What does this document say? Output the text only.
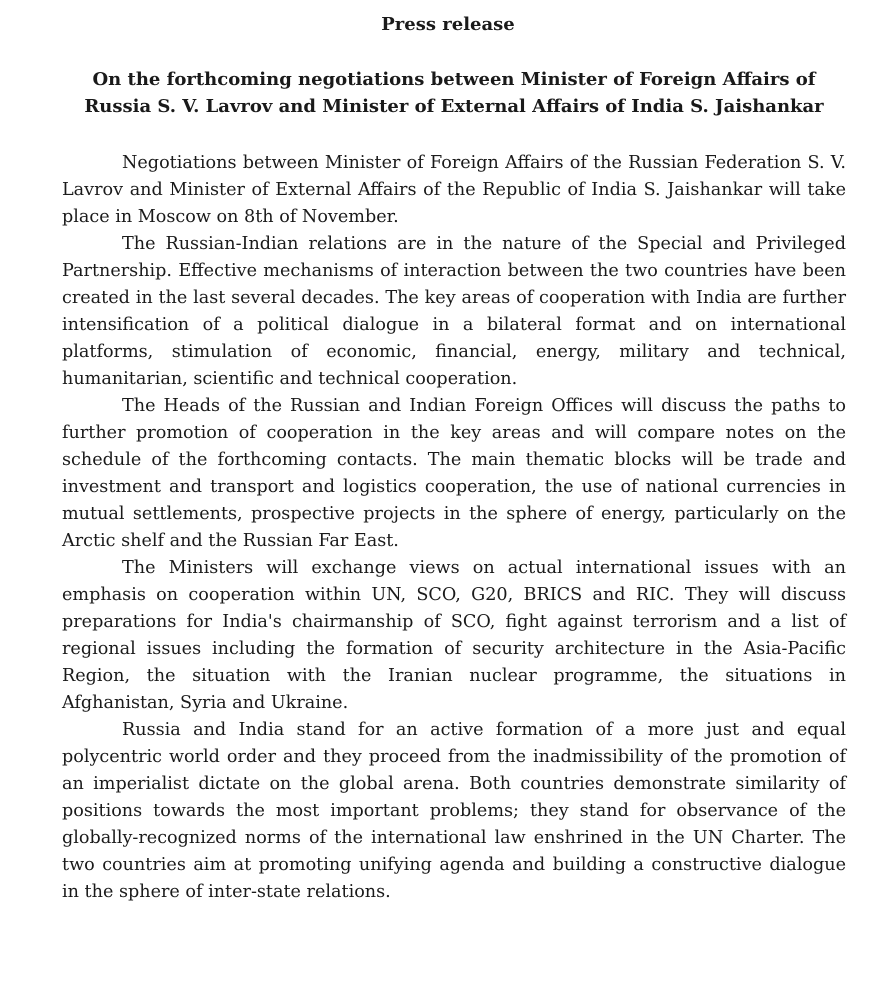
Press release
On the forthcoming negotiations between Minister of Foreign Affairs of Russia S. V. Lavrov and Minister of External Affairs of India S. Jaishankar

Negotiations between Minister of Foreign Affairs of the Russian Federation S. V. Lavrov and Minister of External Affairs of the Republic of India S. Jaishankar will take place in Moscow on 8th of November.

The Russian-Indian relations are in the nature of the Special and Privileged Partnership. Effective mechanisms of interaction between the two countries have been created in the last several decades. The key areas of cooperation with India are further intensification of a political dialogue in a bilateral format and on international platforms, stimulation of economic, financial, energy, military and technical, humanitarian, scientific and technical cooperation.

The Heads of the Russian and Indian Foreign Offices will discuss the paths to further promotion of cooperation in the key areas and will compare notes on the schedule of the forthcoming contacts. The main thematic blocks will be trade and investment and transport and logistics cooperation, the use of national currencies in mutual settlements, prospective projects in the sphere of energy, particularly on the Arctic shelf and the Russian Far East.

The Ministers will exchange views on actual international issues with an emphasis on cooperation within UN, SCO, G20, BRICS and RIC. They will discuss preparations for India's chairmanship of SCO, fight against terrorism and a list of regional issues including the formation of security architecture in the Asia-Pacific Region, the situation with the Iranian nuclear programme, the situations in Afghanistan, Syria and Ukraine.

Russia and India stand for an active formation of a more just and equal polycentric world order and they proceed from the inadmissibility of the promotion of an imperialist dictate on the global arena. Both countries demonstrate similarity of positions towards the most important problems; they stand for observance of the globally-recognized norms of the international law enshrined in the UN Charter. The two countries aim at promoting unifying agenda and building a constructive dialogue in the sphere of inter-state relations.
